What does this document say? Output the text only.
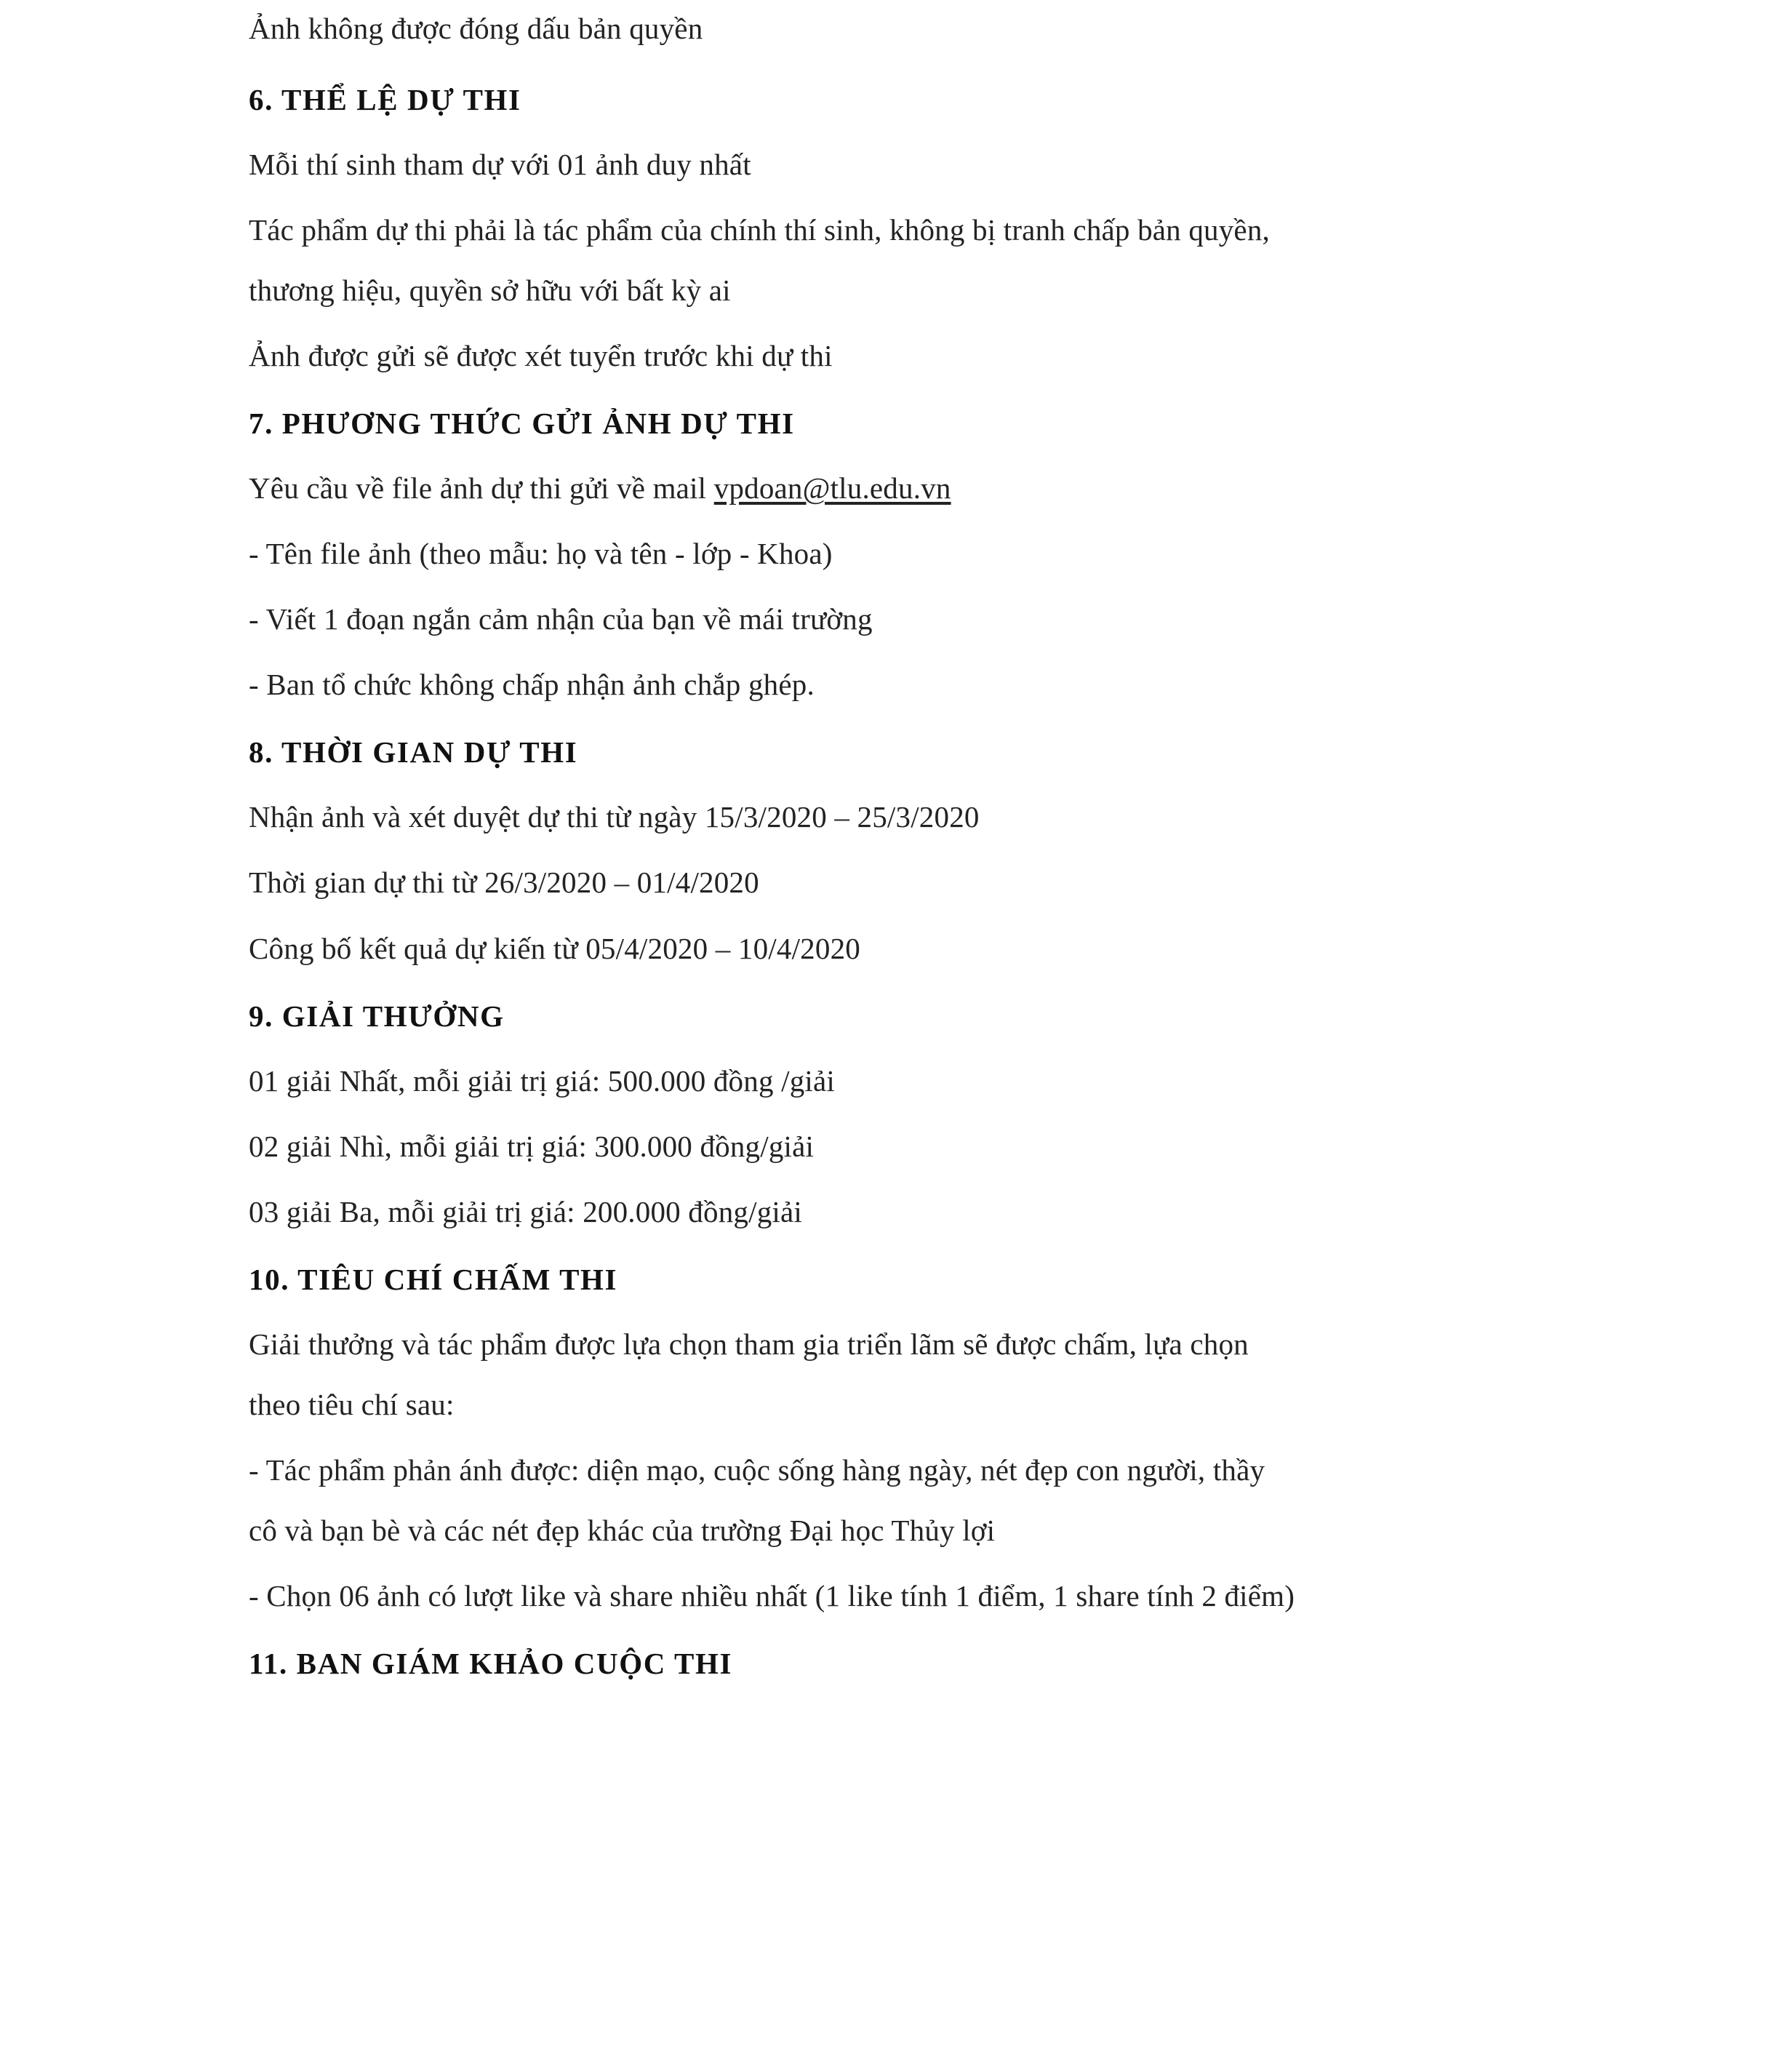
Ảnh không được đóng dấu bản quyền

6. THỂ LỆ DỰ THI

Mỗi thí sinh tham dự với 01 ảnh duy nhất

Tác phẩm dự thi phải là tác phẩm của chính thí sinh, không bị tranh chấp bản quyền,

thương hiệu, quyền sở hữu với bất kỳ ai

Ảnh được gửi sẽ được xét tuyển trước khi dự thi

7. PHƯƠNG THỨC GỬI ẢNH DỰ THI

Yêu cầu về file ảnh dự thi gửi về mail vpdoan@tlu.edu.vn

- Tên file ảnh (theo mẫu: họ và tên - lớp - Khoa)

- Viết 1 đoạn ngắn cảm nhận của bạn về mái trường

- Ban tổ chức không chấp nhận ảnh chắp ghép.

8. THỜI GIAN DỰ THI

Nhận ảnh và xét duyệt dự thi từ ngày 15/3/2020 – 25/3/2020

Thời gian dự thi từ 26/3/2020 – 01/4/2020

Công bố kết quả dự kiến từ 05/4/2020 – 10/4/2020

9. GIẢI THƯỞNG

01 giải Nhất, mỗi giải trị giá: 500.000 đồng /giải

02 giải Nhì, mỗi giải trị giá: 300.000 đồng/giải

03 giải Ba, mỗi giải trị giá: 200.000 đồng/giải

10. TIÊU CHÍ CHẤM THI

Giải thưởng và tác phẩm được lựa chọn tham gia triển lãm sẽ được chấm, lựa chọn

theo tiêu chí sau:

- Tác phẩm phản ánh được: diện mạo, cuộc sống hàng ngày, nét đẹp con người, thầy

cô và bạn bè và các nét đẹp khác của trường Đại học Thủy lợi

- Chọn 06 ảnh có lượt like và share nhiều nhất (1 like tính 1 điểm, 1 share tính 2 điểm)

11. BAN GIÁM KHẢO CUỘC THI
